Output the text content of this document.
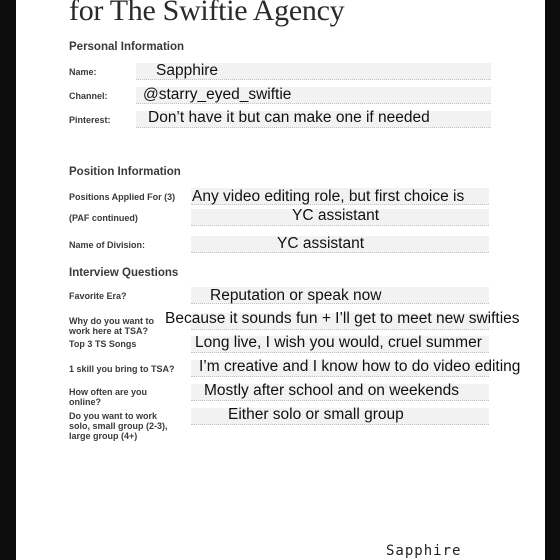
for The Swiftie Agency
Personal Information
Name:	Sapphire
Channel: @starry_eyed_swiftie
Pinterest: Don’t have it but can make one if needed
Position Information
Positions Applied For (3) Any video editing role, but first choice is
(PAF continued)	YC assistant
Name of Division:	YC assistant
Interview Questions
Favorite Era?	Reputation or speak now
Why do you want to
work here at TSA?
Because it sounds fun + I’ll get to meet new swifties
Top 3 TS Songs	Long live, I wish you would, cruel summer
1 skill you bring to TSA? I’m creative and I know how to do video editing
How often are you
online?
Mostly after school and on weekends
Do you want to work
solo, small group (2-3),
large group (4+)
Either solo or small group
Sapphire
